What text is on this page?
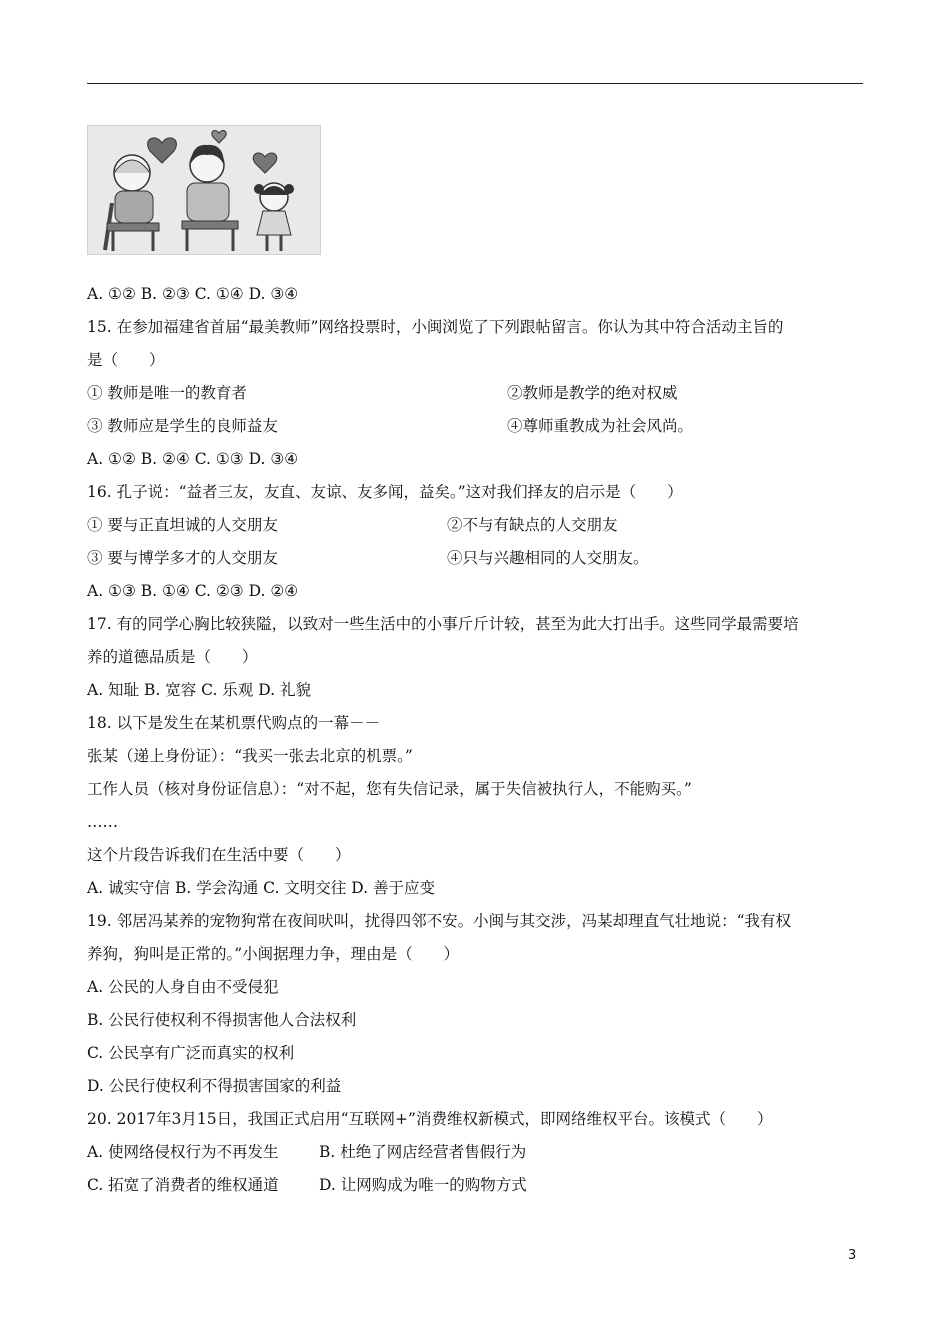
A. ①② B. ②③ C. ①④ D. ③④

15. 在参加福建省首届“最美教师”网络投票时，小闽浏览了下列跟帖留言。你认为其中符合活动主旨的

是（　　）

① 教师是唯一的教育者	②教师是教学的绝对权威
③ 教师应是学生的良师益友	④尊师重教成为社会风尚。

A. ①② B. ②④ C. ①③ D. ③④

16. 孔子说：“益者三友，友直、友谅、友多闻，益矣。”这对我们择友的启示是（　　）

① 要与正直坦诚的人交朋友	②不与有缺点的人交朋友
③ 要与博学多才的人交朋友	④只与兴趣相同的人交朋友。

A. ①③ B. ①④ C. ②③ D. ②④

17. 有的同学心胸比较狭隘，以致对一些生活中的小事斤斤计较，甚至为此大打出手。这些同学最需要培

养的道德品质是（　　）

A. 知耻 B. 宽容 C. 乐观 D. 礼貌

18. 以下是发生在某机票代购点的一幕－－

张某（递上身份证）：“我买一张去北京的机票。”

工作人员（核对身份证信息）：“对不起，您有失信记录，属于失信被执行人，不能购买。”

……

这个片段告诉我们在生活中要（　　）

A. 诚实守信 B. 学会沟通 C. 文明交往 D. 善于应变

19. 邻居冯某养的宠物狗常在夜间吠叫，扰得四邻不安。小闽与其交涉，冯某却理直气壮地说：“我有权

养狗，狗叫是正常的。”小闽据理力争，理由是（　　）

A. 公民的人身自由不受侵犯

B. 公民行使权利不得损害他人合法权利

C. 公民享有广泛而真实的权利

D. 公民行使权利不得损害国家的利益

20. 2017年3月15日，我国正式启用“互联网+”消费维权新模式，即网络维权平台。该模式（　　）

A. 使网络侵权行为不再发生	B. 杜绝了网店经营者售假行为
C. 拓宽了消费者的维权通道	D. 让网购成为唯一的购物方式
3
